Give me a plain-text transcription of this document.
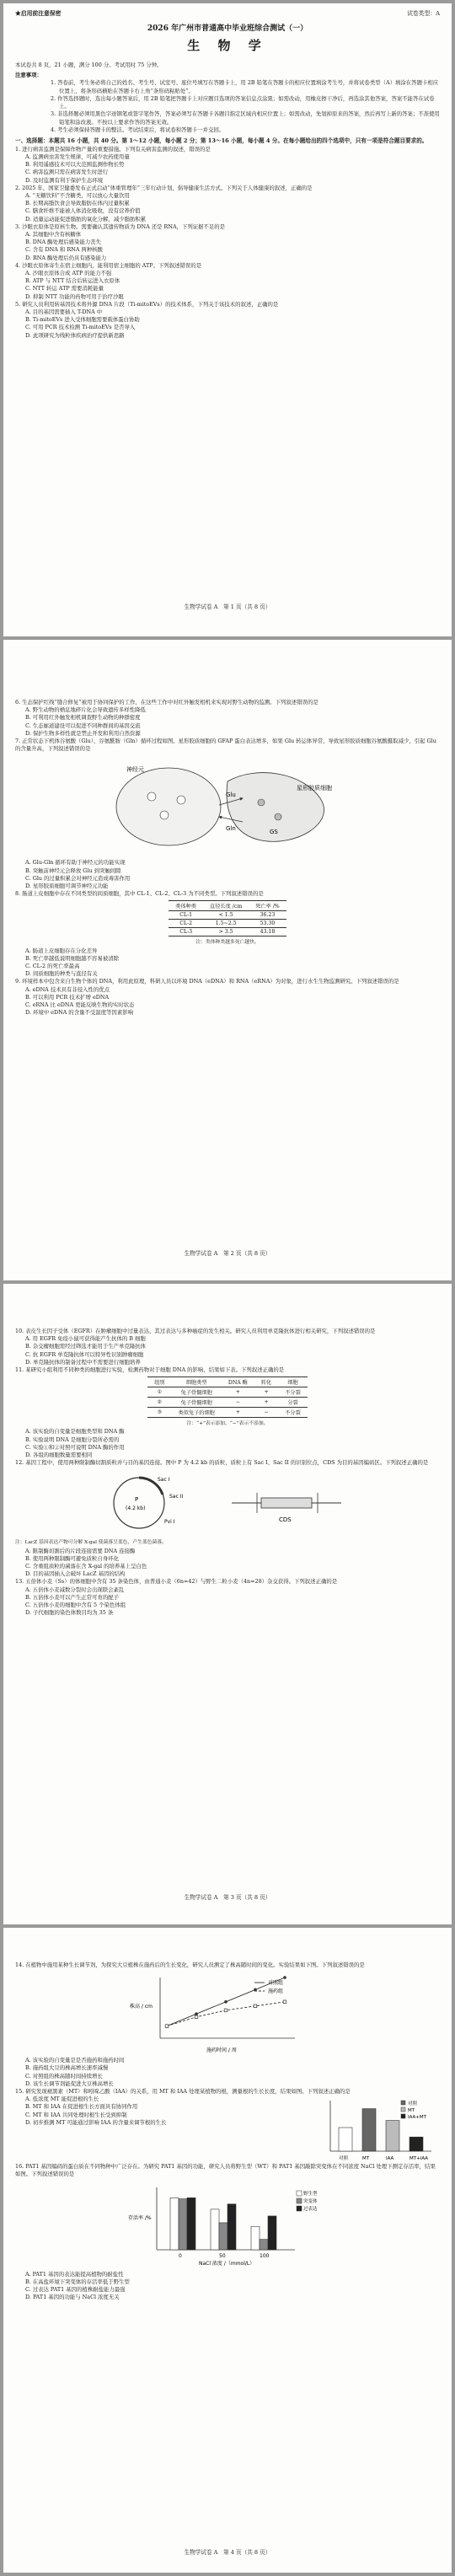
★启用前注意保密	试卷类型：A
2026 年广州市普通高中毕业班综合测试（一）
生 物 学
本试卷共 8 页，21 小题，满分 100 分。考试用时 75 分钟。
注意事项：
1. 答卷前，考生务必将自己的姓名、考生号、试室号、座位号填写在答题卡上，用 2B 铅笔在答题卡的相应位置填涂考生号，并将试卷类型（A）填涂在答题卡相应位置上，将条形码横贴在答题卡右上角“条形码粘贴处”。
2. 作答选择题时，选出每小题答案后，用 2B 铅笔把答题卡上对应题目选项的答案信息点涂黑；如需改动，用橡皮擦干净后，再选涂其他答案，答案不能答在试卷上。
3. 非选择题必须用黑色字迹钢笔或签字笔作答，答案必须写在答题卡各题目指定区域内相应位置上；如需改动，先划掉原来的答案，然后再写上新的答案；不准使用铅笔和涂改液。不按以上要求作答的答案无效。
4. 考生必须保持答题卡的整洁。考试结束后，将试卷和答题卡一并交回。
一、选择题：本题共 16 小题，共 40 分。第 1～12 小题，每小题 2 分；第 13～16 小题，每小题 4 分。在每小题给出的四个选项中，只有一项是符合题目要求的。

1. 进行病害监测是保障作物产量的重要措施。下列有关病害监测的叙述，错误的是

A. 监测病虫害发生规律，可减少农药使用量

B. 利用遥感技术可以大范围监测作物长势

C. 病害监测只需在病害发生时进行

D. 及时监测有利于保护生态环境

2. 2025 年，国家卫健委发布正式启动“体重管理年”三年行动计划，倡导健康生活方式。下列关于人体健康的叙述，正确的是

A. “无糖饮料”不含糖类，可以放心大量饮用

B. 长期高脂饮食会导致脂肪在体内过量积累

C. 膳食纤维不能被人体消化吸收，没有营养价值

D. 适量运动能促进脂肪的氧化分解，减少脂肪积累

3. 沙眼衣原体是原核生物。需要确认其遗传物质为 DNA 还是 RNA，下列证据不足的是

A. 其细胞中含有核糖体

B. DNA 酶处理后感染能力丧失

C. 含有 DNA 和 RNA 两种核酸

D. RNA 酶处理后仍具有感染能力

4. 沙眼衣原体寄生在宿主细胞内，能利用宿主细胞的 ATP。下列叙述错误的是

A. 沙眼衣原体合成 ATP 的能力不强

B. ATP 与 NTT 结合后转运进入衣原体

C. NTT 转运 ATP 需要消耗能量

D. 抑制 NTT 功能的药物可用于治疗沙眼

5. 研究人员利用转基因技术将外源 DNA 片段（Ti-mitoEVs）的技术体系，下列关于该技术的叙述，正确的是

A. 目的基因需要插入 T-DNA 中

B. Ti-mitoEVs 进入受体细胞需要载体蛋白协助

C. 可用 PCR 技术检测 Ti-mitoEVs 是否导入

D. 此项研究为线粒体疾病治疗提供新思路

生物学试卷 A　第 1 页（共 8 页）

6. 生态保护红线“缝合修复”被用于协同保护的工作，在这些工作中对红外触发相机来实现对野生动物的监测。下列叙述错误的是

A. 野生动物的栖息地碎片化会导致遗传多样性降低

B. 可利用红外触发相机调查野生动物的种群密度

C. 生态廊道建设可以促进不同种群间的基因交流

D. 保护生物多样性就是禁止开发和利用自然资源

7. 正常状态下机体谷氨酸（Glu）、谷氨酰胺（Gln）循环过程如图。星形胶质细胞的 GFAP 蛋白表达增多，如果 Glu 转运体异常，导致星形胶质细胞谷氨酸摄取减少，引起 Glu 的含量升高，下列叙述错误的是

神经元
Glu
Gln
星形胶质细胞
GS

A. Glu-Gln 循环有助于神经元的功能实现

B. 突触前神经元会释放 Glu 到突触间隙

C. Glu 的过量积累会对神经元造成毒害作用

D. 星形胶质细胞可调节神经元功能

8. 肠道上皮细胞中存在不同类型的间质细胞，其中 CL-1、CL-2、CL-3 为不同类型。下列叙述错误的是

类体种类	直径长度 /cm	死亡率 /%
CL-1	< 1.5	36.23
CL-2	1.5~2.5	53.30
CL-3	> 3.5	43.18

注：类体种类越多死亡越快。

A. 肠道上皮细胞存在分化差异

B. 死亡率越低说明细胞越不容易被清除

C. CL-2 的死亡率最高

D. 间质细胞的种类与直径有关

9. 环境样本中包含来自生物个体的 DNA，利用此原理，科研人员以环境 DNA（eDNA）和 RNA（eRNA）为对象，进行水生生物监测研究。下列叙述错误的是

A. eDNA 技术具有非侵入性的优点

B. 可以利用 PCR 技术扩增 eDNA

C. eRNA 比 eDNA 更能反映生物的实时状态

D. 环境中 eDNA 的含量不受温度等因素影响

生物学试卷 A　第 2 页（共 8 页）

10. 表皮生长因子受体（EGFR）在肿瘤细胞中过量表达，其过表达与多种癌症的发生相关。研究人员利用单克隆抗体进行相关研究，下列叙述错误的是

A. 用 EGFR 免疫小鼠可获得能产生抗体的 B 细胞

B. 杂交瘤细胞需经过筛选才能用于生产单克隆抗体

C. 抗 EGFR 单克隆抗体可以特异性识别肿瘤细胞

D. 单克隆抗体的制备过程中不需要进行细胞培养

11. 某研究小组利用不同种类的细胞进行实验，检测药物对于细胞 DNA 的影响，结果如下表。下列叙述正确的是

组别	细胞类型	DNA 酶	转化	细胞
①	兔子骨髓细胞	+	+	不分裂
②	兔子骨髓细胞	−	+	分裂
③	类似兔子的细胞	+	−	不分裂

注：“+”表示添加，“−”表示不添加。

A. 该实验的自变量是细胞类型和 DNA 酶

B. 实验说明 DNA 是细胞分裂所必需的

C. 实验①和②对照可说明 DNA 酶的作用

D. 各组的细胞数量需要相同

12. 基因工程中，使用两种限制酶切割质粒并与目的基因连接。图中 P 为 4.2 kb 的质粒，质粒上有 Sac I、Sac II 的识别位点，CDS 为目的基因编码区。下列叙述正确的是

P
(4.2 kb)
Sac I
Sac II
Pvi I	CDS

注：LacZ 基因表达产物可分解 X-gal 使菌落呈蓝色，产生蓝色菌落。

A. 限制酶切割后的片段连接需要 DNA 连接酶

B. 使用两种限制酶可避免质粒自身环化

C. 含重组质粒的菌落在含 X-gal 的培养基上呈白色

D. 目的基因插入会破坏 LacZ 基因的结构

13. 五倍体小麦（Ss）的体细胞中含有 35 条染色体，由普通小麦（6n=42）与野生二粒小麦（4n=28）杂交获得。下列叙述正确的是

A. 五倍体小麦减数分裂时会出现联会紊乱

B. 五倍体小麦可以产生正常可育的配子

C. 五倍体小麦的细胞中含有 5 个染色体组

D. 子代细胞的染色体数目均为 35 条

生物学试卷 A　第 3 页（共 8 页）

14. 在植物中施用某种生长调节剂，为探究大豆植株在施药后的生长变化，研究人员测定了株高随时间的变化。实验结果如下图。下列叙述错误的是

株高 / cm
施药时间 / 周
对照组
施药组

A. 该实验的自变量是是否施药和施药时间

B. 施药组大豆的株高增长速率减慢

C. 对照组的株高随时间持续增长

D. 该生长调节剂能促进大豆株高增长

15. 研究发现褪黑素（MT）和吲哚乙酸（IAA）的关系，用 MT 和 IAA 处理某植物的根，测量根的生长长度，结果如图。下列叙述正确的是

A. 低浓度 MT 能促进根的生长

B. MT 和 IAA 在促进根生长方面具有协同作用

C. MT 和 IAA 共同处理时根生长受到抑制

D. 初步推测 MT 可能通过影响 IAA 的含量来调节根的生长

对照	MT	IAA	MT+IAA
对照
MT
IAA+MT

16. PAT1 基因编码的蛋白质在不同物种中广泛存在。为研究 PAT1 基因的功能，研究人员将野生型（WT）和 PAT1 基因敲除突变体在不同浓度 NaCl 处理下测定存活率，结果如图。下列叙述错误的是

存活率 /%
NaCl 浓度 /（mmol/L）
0	50	100
野生型
突变体
过表达

A. PAT1 基因的表达能提高植物的耐盐性

B. 在高盐环境下突变体的存活率低于野生型

C. 过表达 PAT1 基因的植株耐盐能力最强

D. PAT1 基因的功能与 NaCl 浓度无关

生物学试卷 A　第 4 页（共 8 页）
